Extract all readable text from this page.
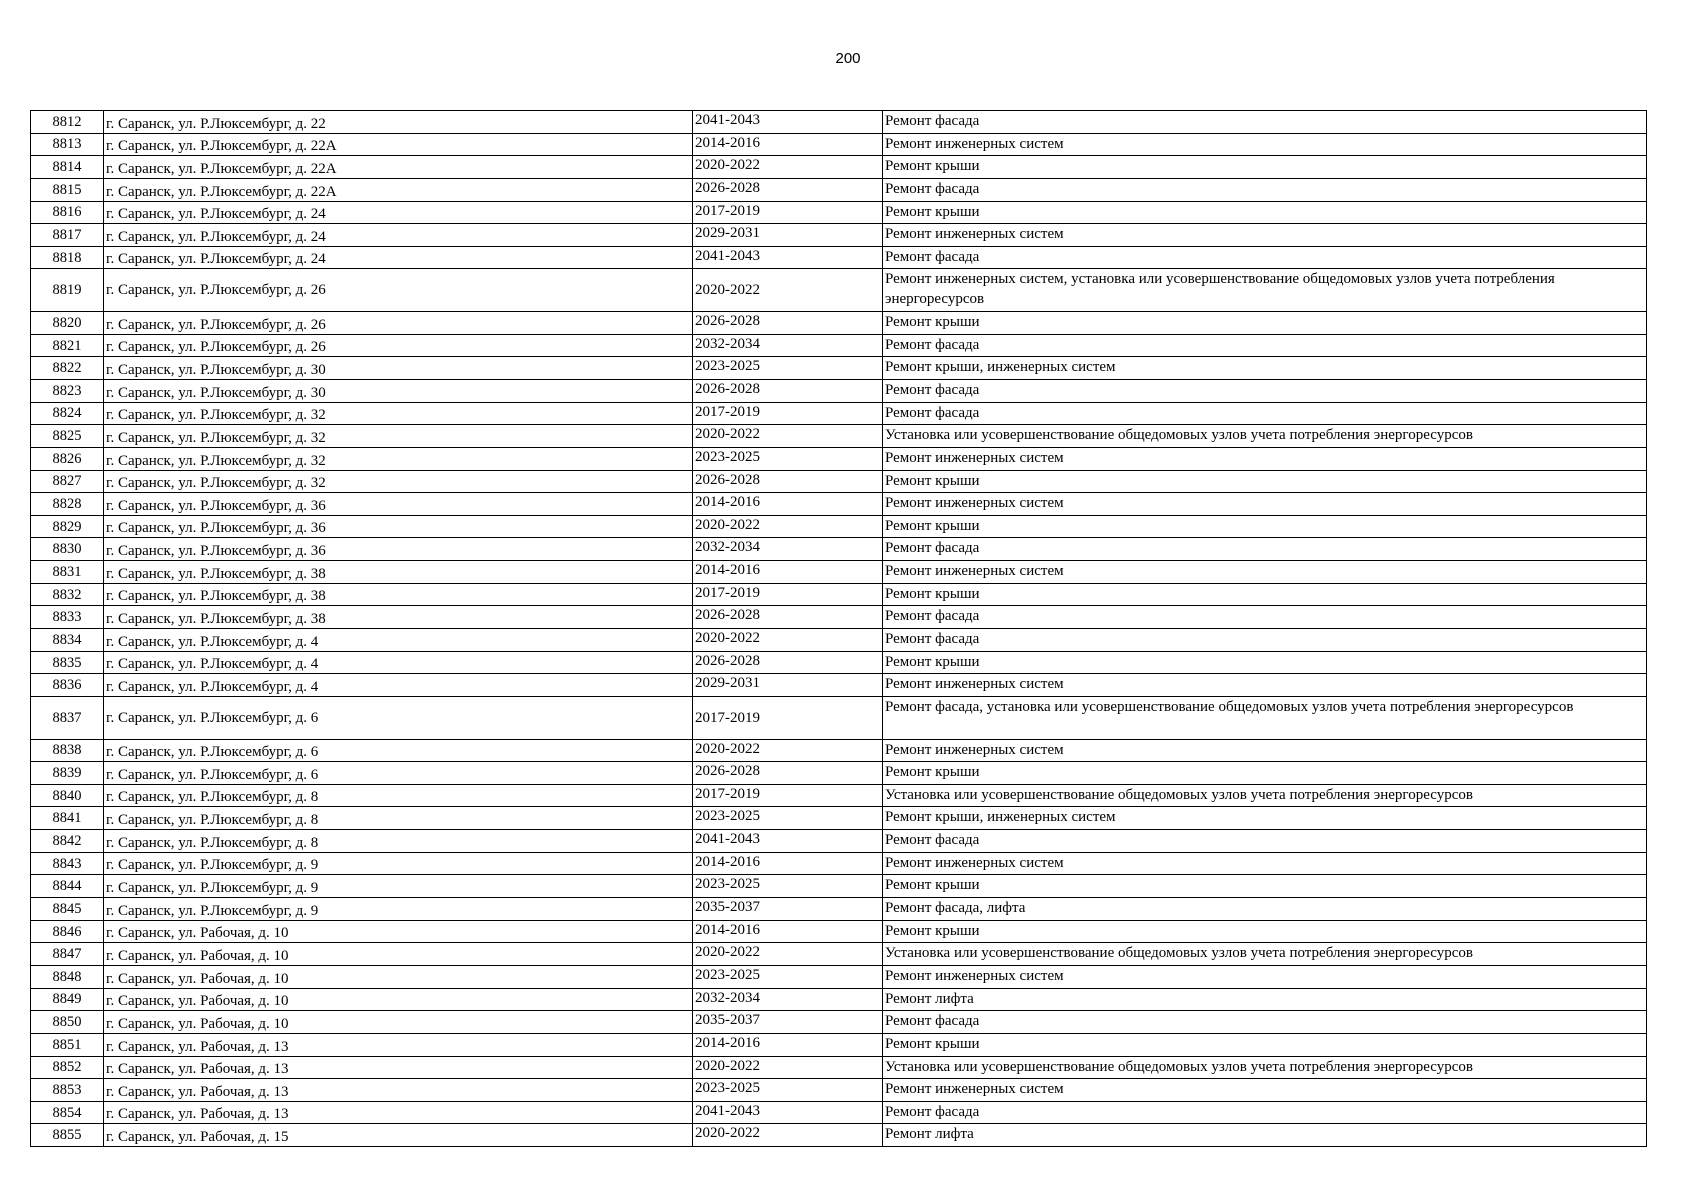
200
8812	г. Саранск, ул. Р.Люксембург, д. 22	2041-2043	Ремонт фасада
8813	г. Саранск, ул. Р.Люксембург, д. 22А	2014-2016	Ремонт инженерных систем
8814	г. Саранск, ул. Р.Люксембург, д. 22А	2020-2022	Ремонт крыши
8815	г. Саранск, ул. Р.Люксембург, д. 22А	2026-2028	Ремонт фасада
8816	г. Саранск, ул. Р.Люксембург, д. 24	2017-2019	Ремонт крыши
8817	г. Саранск, ул. Р.Люксембург, д. 24	2029-2031	Ремонт инженерных систем
8818	г. Саранск, ул. Р.Люксембург, д. 24	2041-2043	Ремонт фасада
8819	г. Саранск, ул. Р.Люксембург, д. 26	2020-2022	Ремонт инженерных систем, установка или усовершенствование общедомовых узлов учета потребления энергоресурсов
8820	г. Саранск, ул. Р.Люксембург, д. 26	2026-2028	Ремонт крыши
8821	г. Саранск, ул. Р.Люксембург, д. 26	2032-2034	Ремонт фасада
8822	г. Саранск, ул. Р.Люксембург, д. 30	2023-2025	Ремонт крыши, инженерных систем
8823	г. Саранск, ул. Р.Люксембург, д. 30	2026-2028	Ремонт фасада
8824	г. Саранск, ул. Р.Люксембург, д. 32	2017-2019	Ремонт фасада
8825	г. Саранск, ул. Р.Люксембург, д. 32	2020-2022	Установка или усовершенствование общедомовых узлов учета потребления энергоресурсов
8826	г. Саранск, ул. Р.Люксембург, д. 32	2023-2025	Ремонт инженерных систем
8827	г. Саранск, ул. Р.Люксембург, д. 32	2026-2028	Ремонт крыши
8828	г. Саранск, ул. Р.Люксембург, д. 36	2014-2016	Ремонт инженерных систем
8829	г. Саранск, ул. Р.Люксембург, д. 36	2020-2022	Ремонт крыши
8830	г. Саранск, ул. Р.Люксембург, д. 36	2032-2034	Ремонт фасада
8831	г. Саранск, ул. Р.Люксембург, д. 38	2014-2016	Ремонт инженерных систем
8832	г. Саранск, ул. Р.Люксембург, д. 38	2017-2019	Ремонт крыши
8833	г. Саранск, ул. Р.Люксембург, д. 38	2026-2028	Ремонт фасада
8834	г. Саранск, ул. Р.Люксембург, д. 4	2020-2022	Ремонт фасада
8835	г. Саранск, ул. Р.Люксембург, д. 4	2026-2028	Ремонт крыши
8836	г. Саранск, ул. Р.Люксембург, д. 4	2029-2031	Ремонт инженерных систем
8837	г. Саранск, ул. Р.Люксембург, д. 6	2017-2019	Ремонт фасада, установка или усовершенствование общедомовых узлов учета потребления энергоресурсов
8838	г. Саранск, ул. Р.Люксембург, д. 6	2020-2022	Ремонт инженерных систем
8839	г. Саранск, ул. Р.Люксембург, д. 6	2026-2028	Ремонт крыши
8840	г. Саранск, ул. Р.Люксембург, д. 8	2017-2019	Установка или усовершенствование общедомовых узлов учета потребления энергоресурсов
8841	г. Саранск, ул. Р.Люксембург, д. 8	2023-2025	Ремонт крыши, инженерных систем
8842	г. Саранск, ул. Р.Люксембург, д. 8	2041-2043	Ремонт фасада
8843	г. Саранск, ул. Р.Люксембург, д. 9	2014-2016	Ремонт инженерных систем
8844	г. Саранск, ул. Р.Люксембург, д. 9	2023-2025	Ремонт крыши
8845	г. Саранск, ул. Р.Люксембург, д. 9	2035-2037	Ремонт фасада, лифта
8846	г. Саранск, ул. Рабочая, д. 10	2014-2016	Ремонт крыши
8847	г. Саранск, ул. Рабочая, д. 10	2020-2022	Установка или усовершенствование общедомовых узлов учета потребления энергоресурсов
8848	г. Саранск, ул. Рабочая, д. 10	2023-2025	Ремонт инженерных систем
8849	г. Саранск, ул. Рабочая, д. 10	2032-2034	Ремонт лифта
8850	г. Саранск, ул. Рабочая, д. 10	2035-2037	Ремонт фасада
8851	г. Саранск, ул. Рабочая, д. 13	2014-2016	Ремонт крыши
8852	г. Саранск, ул. Рабочая, д. 13	2020-2022	Установка или усовершенствование общедомовых узлов учета потребления энергоресурсов
8853	г. Саранск, ул. Рабочая, д. 13	2023-2025	Ремонт инженерных систем
8854	г. Саранск, ул. Рабочая, д. 13	2041-2043	Ремонт фасада
8855	г. Саранск, ул. Рабочая, д. 15	2020-2022	Ремонт лифта
